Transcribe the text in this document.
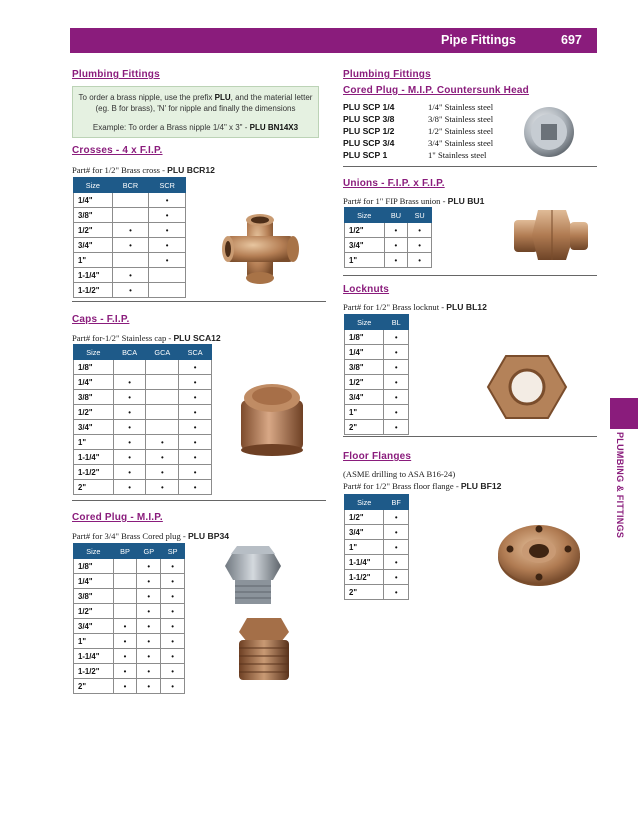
Pipe Fittings	697
PLUMBING & FITTINGS
Plumbing Fittings
To order a brass nipple, use the prefix PLU, and the material letter (eg. B for brass), 'N' for nipple and finally the dimensions
Example: To order a Brass nipple 1/4" x 3" - PLU BN14X3
Crosses - 4 x F.I.P.
Part# for 1/2" Brass cross - PLU BCR12
Size	BCR	SCR
1/4"		•
3/8"		•
1/2"	•	•
3/4"	•	•
1"		•
1-1/4"	•	
1-1/2"	•	
Caps - F.I.P.
Part# for-1/2" Stainless cap - PLU SCA12
Size	BCA	GCA	SCA
1/8"			•
1/4"	•		•
3/8"	•		•
1/2"	•		•
3/4"	•		•
1"	•	•	•
1-1/4"	•	•	•
1-1/2"	•	•	•
2"	•	•	•
Cored Plug - M.I.P.
Part# for 3/4" Brass Cored plug - PLU BP34
Size	BP	GP	SP
1/8"		•	•
1/4"		•	•
3/8"		•	•
1/2"		•	•
3/4"	•	•	•
1"	•	•	•
1-1/4"	•	•	•
1-1/2"	•	•	•
2"	•	•	•
Plumbing Fittings
Cored Plug - M.I.P. Countersunk Head
PLU SCP 1/4	1/4" Stainless steel
PLU SCP 3/8	3/8" Stainless steel
PLU SCP 1/2	1/2" Stainless steel
PLU SCP 3/4	3/4" Stainless steel
PLU SCP 1	1" Stainless steel
Unions - F.I.P. x F.I.P.
Part# for 1" FIP Brass union - PLU BU1
Size	BU	SU
1/2"	•	•
3/4"	•	•
1"	•	•
Locknuts
Part# for 1/2" Brass locknut - PLU BL12
Size	BL
1/8"	•
1/4"	•
3/8"	•
1/2"	•
3/4"	•
1"	•
2"	•
Floor Flanges
(ASME drilling to ASA B16-24)
Part# for 1/2" Brass floor flange - PLU BF12
Size	BF
1/2"	•
3/4"	•
1"	•
1-1/4"	•
1-1/2"	•
2"	•
